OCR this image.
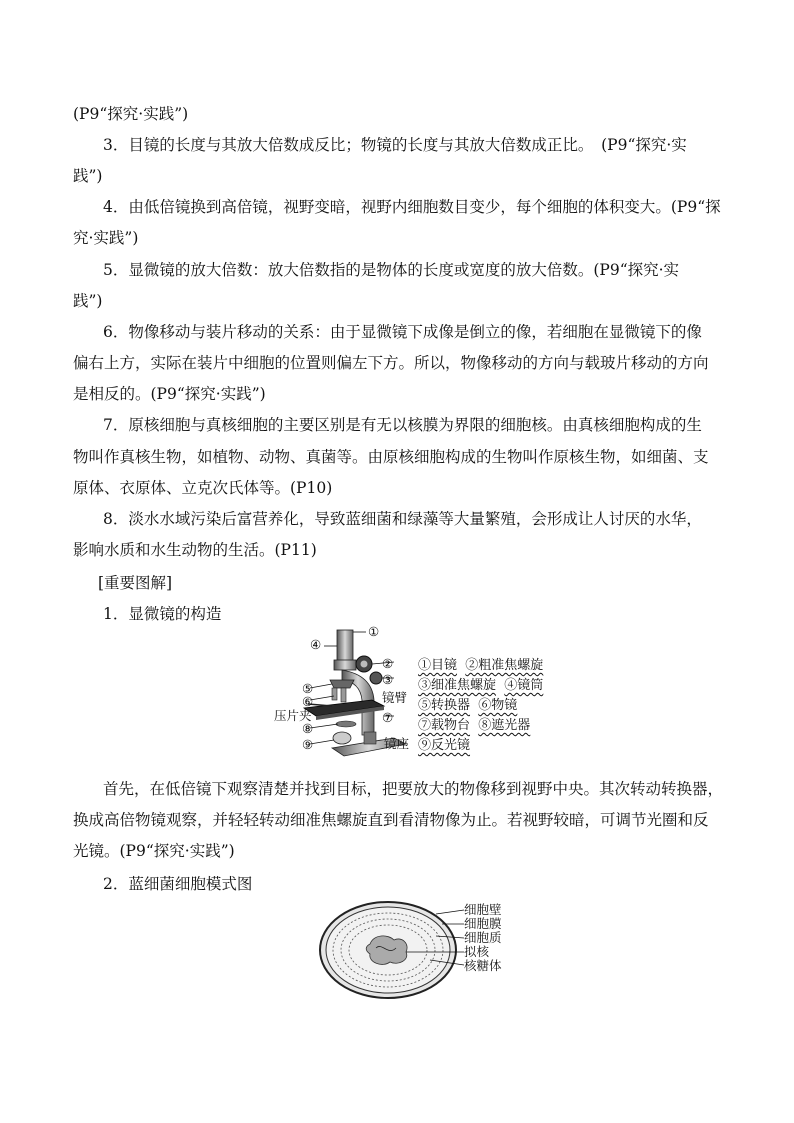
(P9“探究·实践”)
3．目镜的长度与其放大倍数成反比；物镜的长度与其放大倍数成正比。　(P9“探究·实
践”)
4．由低倍镜换到高倍镜，视野变暗，视野内细胞数目变少，每个细胞的体积变大。(P9“探
究·实践”)
5．显微镜的放大倍数：放大倍数指的是物体的长度或宽度的放大倍数。(P9“探究·实
践”)
6．物像移动与装片移动的关系：由于显微镜下成像是倒立的像，若细胞在显微镜下的像
偏右上方，实际在装片中细胞的位置则偏左下方。所以，物像移动的方向与载玻片移动的方向
是相反的。(P9“探究·实践”)
7．原核细胞与真核细胞的主要区别是有无以核膜为界限的细胞核。由真核细胞构成的生
物叫作真核生物，如植物、动物、真菌等。由原核细胞构成的生物叫作原核生物，如细菌、支
原体、衣原体、立克次氏体等。(P10)
8．淡水水域污染后富营养化，导致蓝细菌和绿藻等大量繁殖，会形成让人讨厌的水华，
影响水质和水生动物的生活。(P11)
[重要图解]
1．显微镜的构造
④
①
②
③
⑤
⑥
⑦
⑧
⑨
镜臂
压片夹
镜座
①目镜 ②粗准焦螺旋
③细准焦螺旋 ④镜筒
⑤转换器 ⑥物镜
⑦载物台 ⑧遮光器
⑨反光镜
首先，在低倍镜下观察清楚并找到目标，把要放大的物像移到视野中央。其次转动转换器，
换成高倍物镜观察，并轻轻转动细准焦螺旋直到看清物像为止。若视野较暗，可调节光圈和反
光镜。(P9“探究·实践”)
2．蓝细菌细胞模式图
细胞壁
细胞膜
细胞质
拟核
核糖体
